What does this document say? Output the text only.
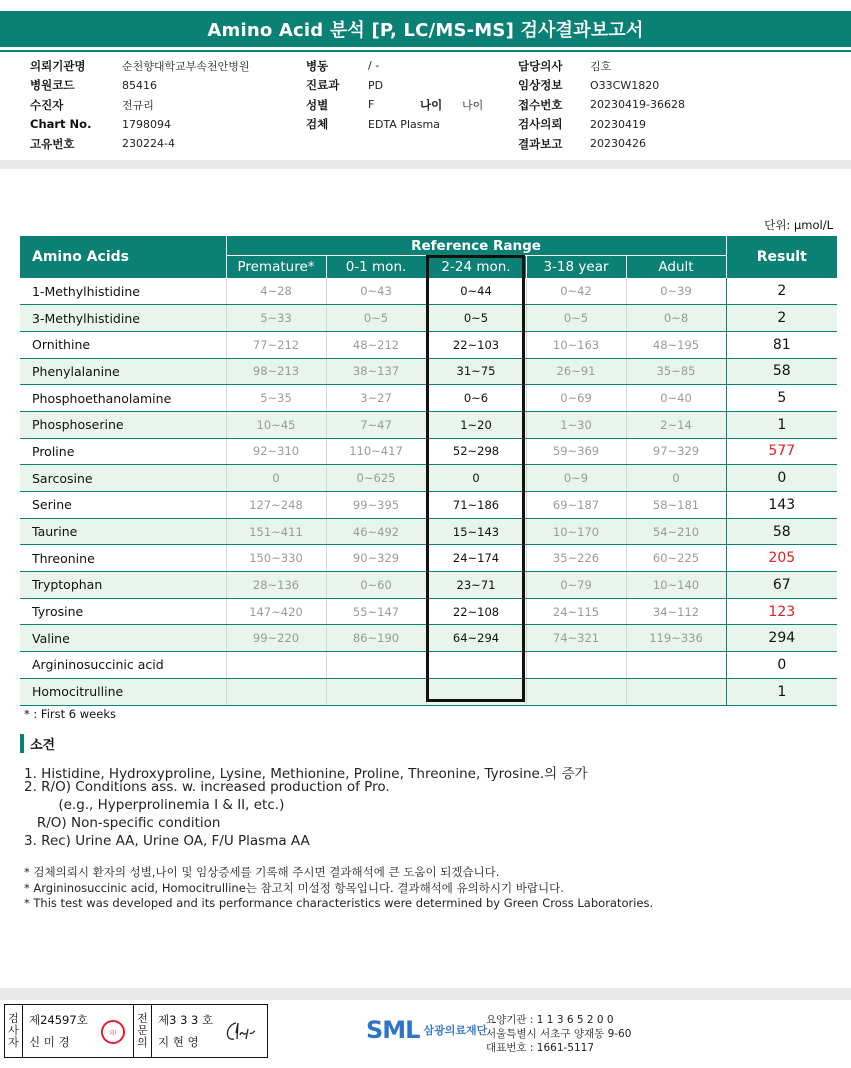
Amino Acid 분석 [P, LC/MS-MS] 검사결과보고서
의뢰기관명	순천향대학교부속천안병원
병원코드	85416
수진자	전규리
Chart No.	1798094
고유번호	230224-4
병동	/ -
진료과	PD
성별	F	나이	나이
검체	EDTA Plasma
담당의사	김호
임상정보	O33CW1820
접수번호	20230419-36628
검사의뢰	20230419
결과보고	20230426
단위: μmol/L
Amino Acids	Reference Range					Result
	Premature*	0-1 mon.	2-24 mon.	3-18 year	Adult	
1-Methylhistidine	4~28	0~43	0~44	0~42	0~39	2
3-Methylhistidine	5~33	0~5	0~5	0~5	0~8	2
Ornithine	77~212	48~212	22~103	10~163	48~195	81
Phenylalanine	98~213	38~137	31~75	26~91	35~85	58
Phosphoethanolamine	5~35	3~27	0~6	0~69	0~40	5
Phosphoserine	10~45	7~47	1~20	1~30	2~14	1
Proline	92~310	110~417	52~298	59~369	97~329	577
Sarcosine	0	0~625	0	0~9	0	0
Serine	127~248	99~395	71~186	69~187	58~181	143
Taurine	151~411	46~492	15~143	10~170	54~210	58
Threonine	150~330	90~329	24~174	35~226	60~225	205
Tryptophan	28~136	0~60	23~71	0~79	10~140	67
Tyrosine	147~420	55~147	22~108	24~115	34~112	123
Valine	99~220	86~190	64~294	74~321	119~336	294
Argininosuccinic acid						0
Homocitrulline						1
* : First 6 weeks
소견
1. Histidine, Hydroxyproline, Lysine, Methionine, Proline, Threonine, Tyrosine.의 증가
2. R/O) Conditions ass. w. increased production of Pro.
(e.g., Hyperprolinemia I & II, etc.)
R/O) Non-specific condition
3. Rec) Urine AA, Urine OA, F/U Plasma AA
* 검체의뢰시 환자의 성별,나이 및 임상증세를 기록해 주시면 결과해석에 큰 도움이 되겠습니다.
* Argininosuccinic acid, Homocitrulline는 참고치 미설정 항목입니다. 결과해석에 유의하시기 바랍니다.
* This test was developed and its performance characteristics were determined by Green Cross Laboratories.
검
사
자
제24597호
신 미 경
印
전
문
의
제3 3 3 호
지 현 영	SML 삼광의료재단
요양기관 : 1 1 3 6 5 2 0 0
서울특별시 서초구 양재동 9-60
대표번호 : 1661-5117
